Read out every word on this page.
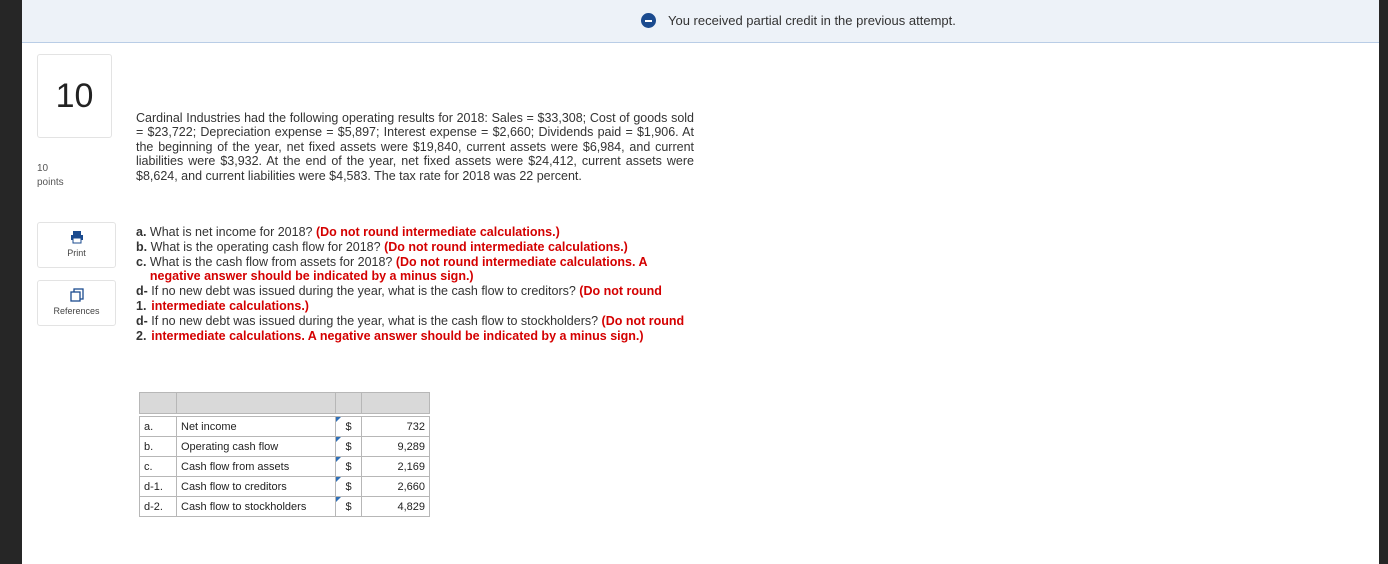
You received partial credit in the previous attempt.
10
10
points
Print
References
Cardinal Industries had the following operating results for 2018: Sales = $33,308; Cost of goods sold = $23,722; Depreciation expense = $5,897; Interest expense = $2,660; Dividends paid = $1,906. At the beginning of the year, net fixed assets were $19,840, current assets were $6,984, and current liabilities were $3,932. At the end of the year, net fixed assets were $24,412, current assets were $8,624, and current liabilities were $4,583. The tax rate for 2018 was 22 percent.
a. What is net income for 2018? (Do not round intermediate calculations.)
b. What is the operating cash flow for 2018? (Do not round intermediate calculations.)
c. What is the cash flow from assets for 2018? (Do not round intermediate calculations. A negative answer should be indicated by a minus sign.)
d-
1.
If no new debt was issued during the year, what is the cash flow to creditors? (Do not round intermediate calculations.)
d-
2.
If no new debt was issued during the year, what is the cash flow to stockholders? (Do not round intermediate calculations. A negative answer should be indicated by a minus sign.)

a.	Net income	$	732
b.	Operating cash flow	$	9,289
c.	Cash flow from assets	$	2,169
d-1.	Cash flow to creditors	$	2,660
d-2.	Cash flow to stockholders	$	4,829
